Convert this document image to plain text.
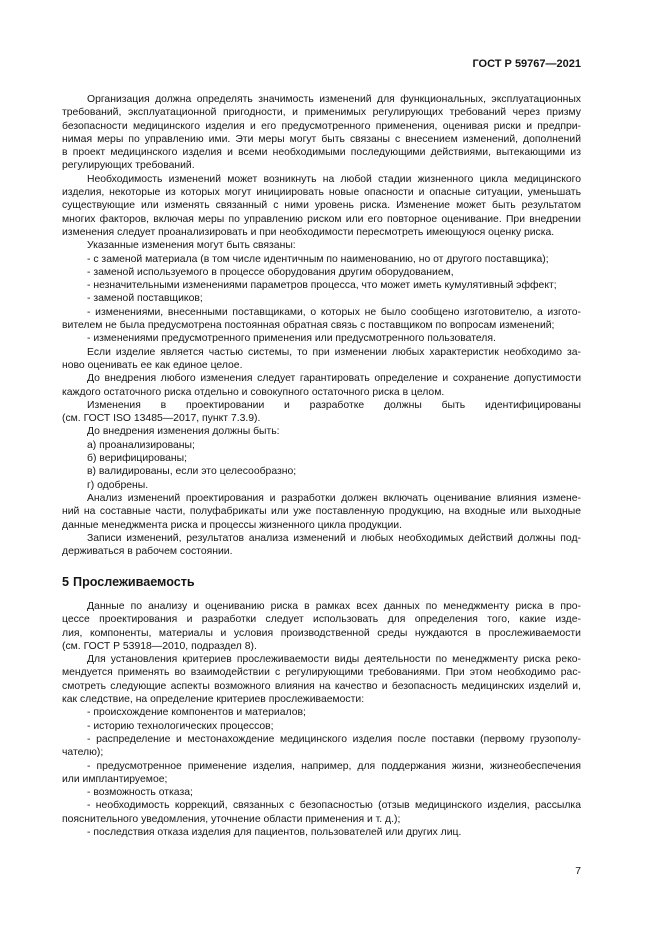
ГОСТ Р 59767—2021
Организация должна определять значимость изменений для функциональных, эксплуатационных
требований, эксплуатационной пригодности, и применимых регулирующих требований через призму
безопасности медицинского изделия и его предусмотренного применения, оценивая риски и предпри-
нимая меры по управлению ими. Эти меры могут быть связаны с внесением изменений, дополнений
в проект медицинского изделия и всеми необходимыми последующими действиями, вытекающими из
регулирующих требований.
Необходимость изменений может возникнуть на любой стадии жизненного цикла медицинского
изделия, некоторые из которых могут инициировать новые опасности и опасные ситуации, уменьшать
существующие или изменять связанный с ними уровень риска. Изменение может быть результатом
многих факторов, включая меры по управлению риском или его повторное оценивание. При внедрении
изменения следует проанализировать и при необходимости пересмотреть имеющуюся оценку риска.
Указанные изменения могут быть связаны:
- с заменой материала (в том числе идентичным по наименованию, но от другого поставщика);
- заменой используемого в процессе оборудования другим оборудованием,
- незначительными изменениями параметров процесса, что может иметь кумулятивный эффект;
- заменой поставщиков;
- изменениями, внесенными поставщиками, о которых не было сообщено изготовителю, а изгото-
вителем не была предусмотрена постоянная обратная связь с поставщиком по вопросам изменений;
- изменениями предусмотренного применения или предусмотренного пользователя.
Если изделие является частью системы, то при изменении любых характеристик необходимо за-
ново оценивать ее как единое целое.
До внедрения любого изменения следует гарантировать определение и сохранение допустимости
каждого остаточного риска отдельно и совокупного остаточного риска в целом.
Изменения в проектировании и разработке должны быть идентифицированы
(см. ГОСТ ISO 13485—2017, пункт 7.3.9).
До внедрения изменения должны быть:
а) проанализированы;
б) верифицированы;
в) валидированы, если это целесообразно;
г) одобрены.
Анализ изменений проектирования и разработки должен включать оценивание влияния измене-
ний на составные части, полуфабрикаты или уже поставленную продукцию, на входные или выходные
данные менеджмента риска и процессы жизненного цикла продукции.
Записи изменений, результатов анализа изменений и любых необходимых действий должны под-
держиваться в рабочем состоянии.
5 Прослеживаемость
Данные по анализу и оцениванию риска в рамках всех данных по менеджменту риска в про-
цессе проектирования и разработки следует использовать для определения того, какие изде-
лия, компоненты, материалы и условия производственной среды нуждаются в прослеживаемости
(см. ГОСТ Р 53918—2010, подраздел 8).
Для установления критериев прослеживаемости виды деятельности по менеджменту риска реко-
мендуется применять во взаимодействии с регулирующими требованиями. При этом необходимо рас-
смотреть следующие аспекты возможного влияния на качество и безопасность медицинских изделий и,
как следствие, на определение критериев прослеживаемости:
- происхождение компонентов и материалов;
- историю технологических процессов;
- распределение и местонахождение медицинского изделия после поставки (первому грузополу-
чателю);
- предусмотренное применение изделия, например, для поддержания жизни, жизнеобеспечения
или имплантируемое;
- возможность отказа;
- необходимость коррекций, связанных с безопасностью (отзыв медицинского изделия, рассылка
пояснительного уведомления, уточнение области применения и т. д.);
- последствия отказа изделия для пациентов, пользователей или других лиц.
7
